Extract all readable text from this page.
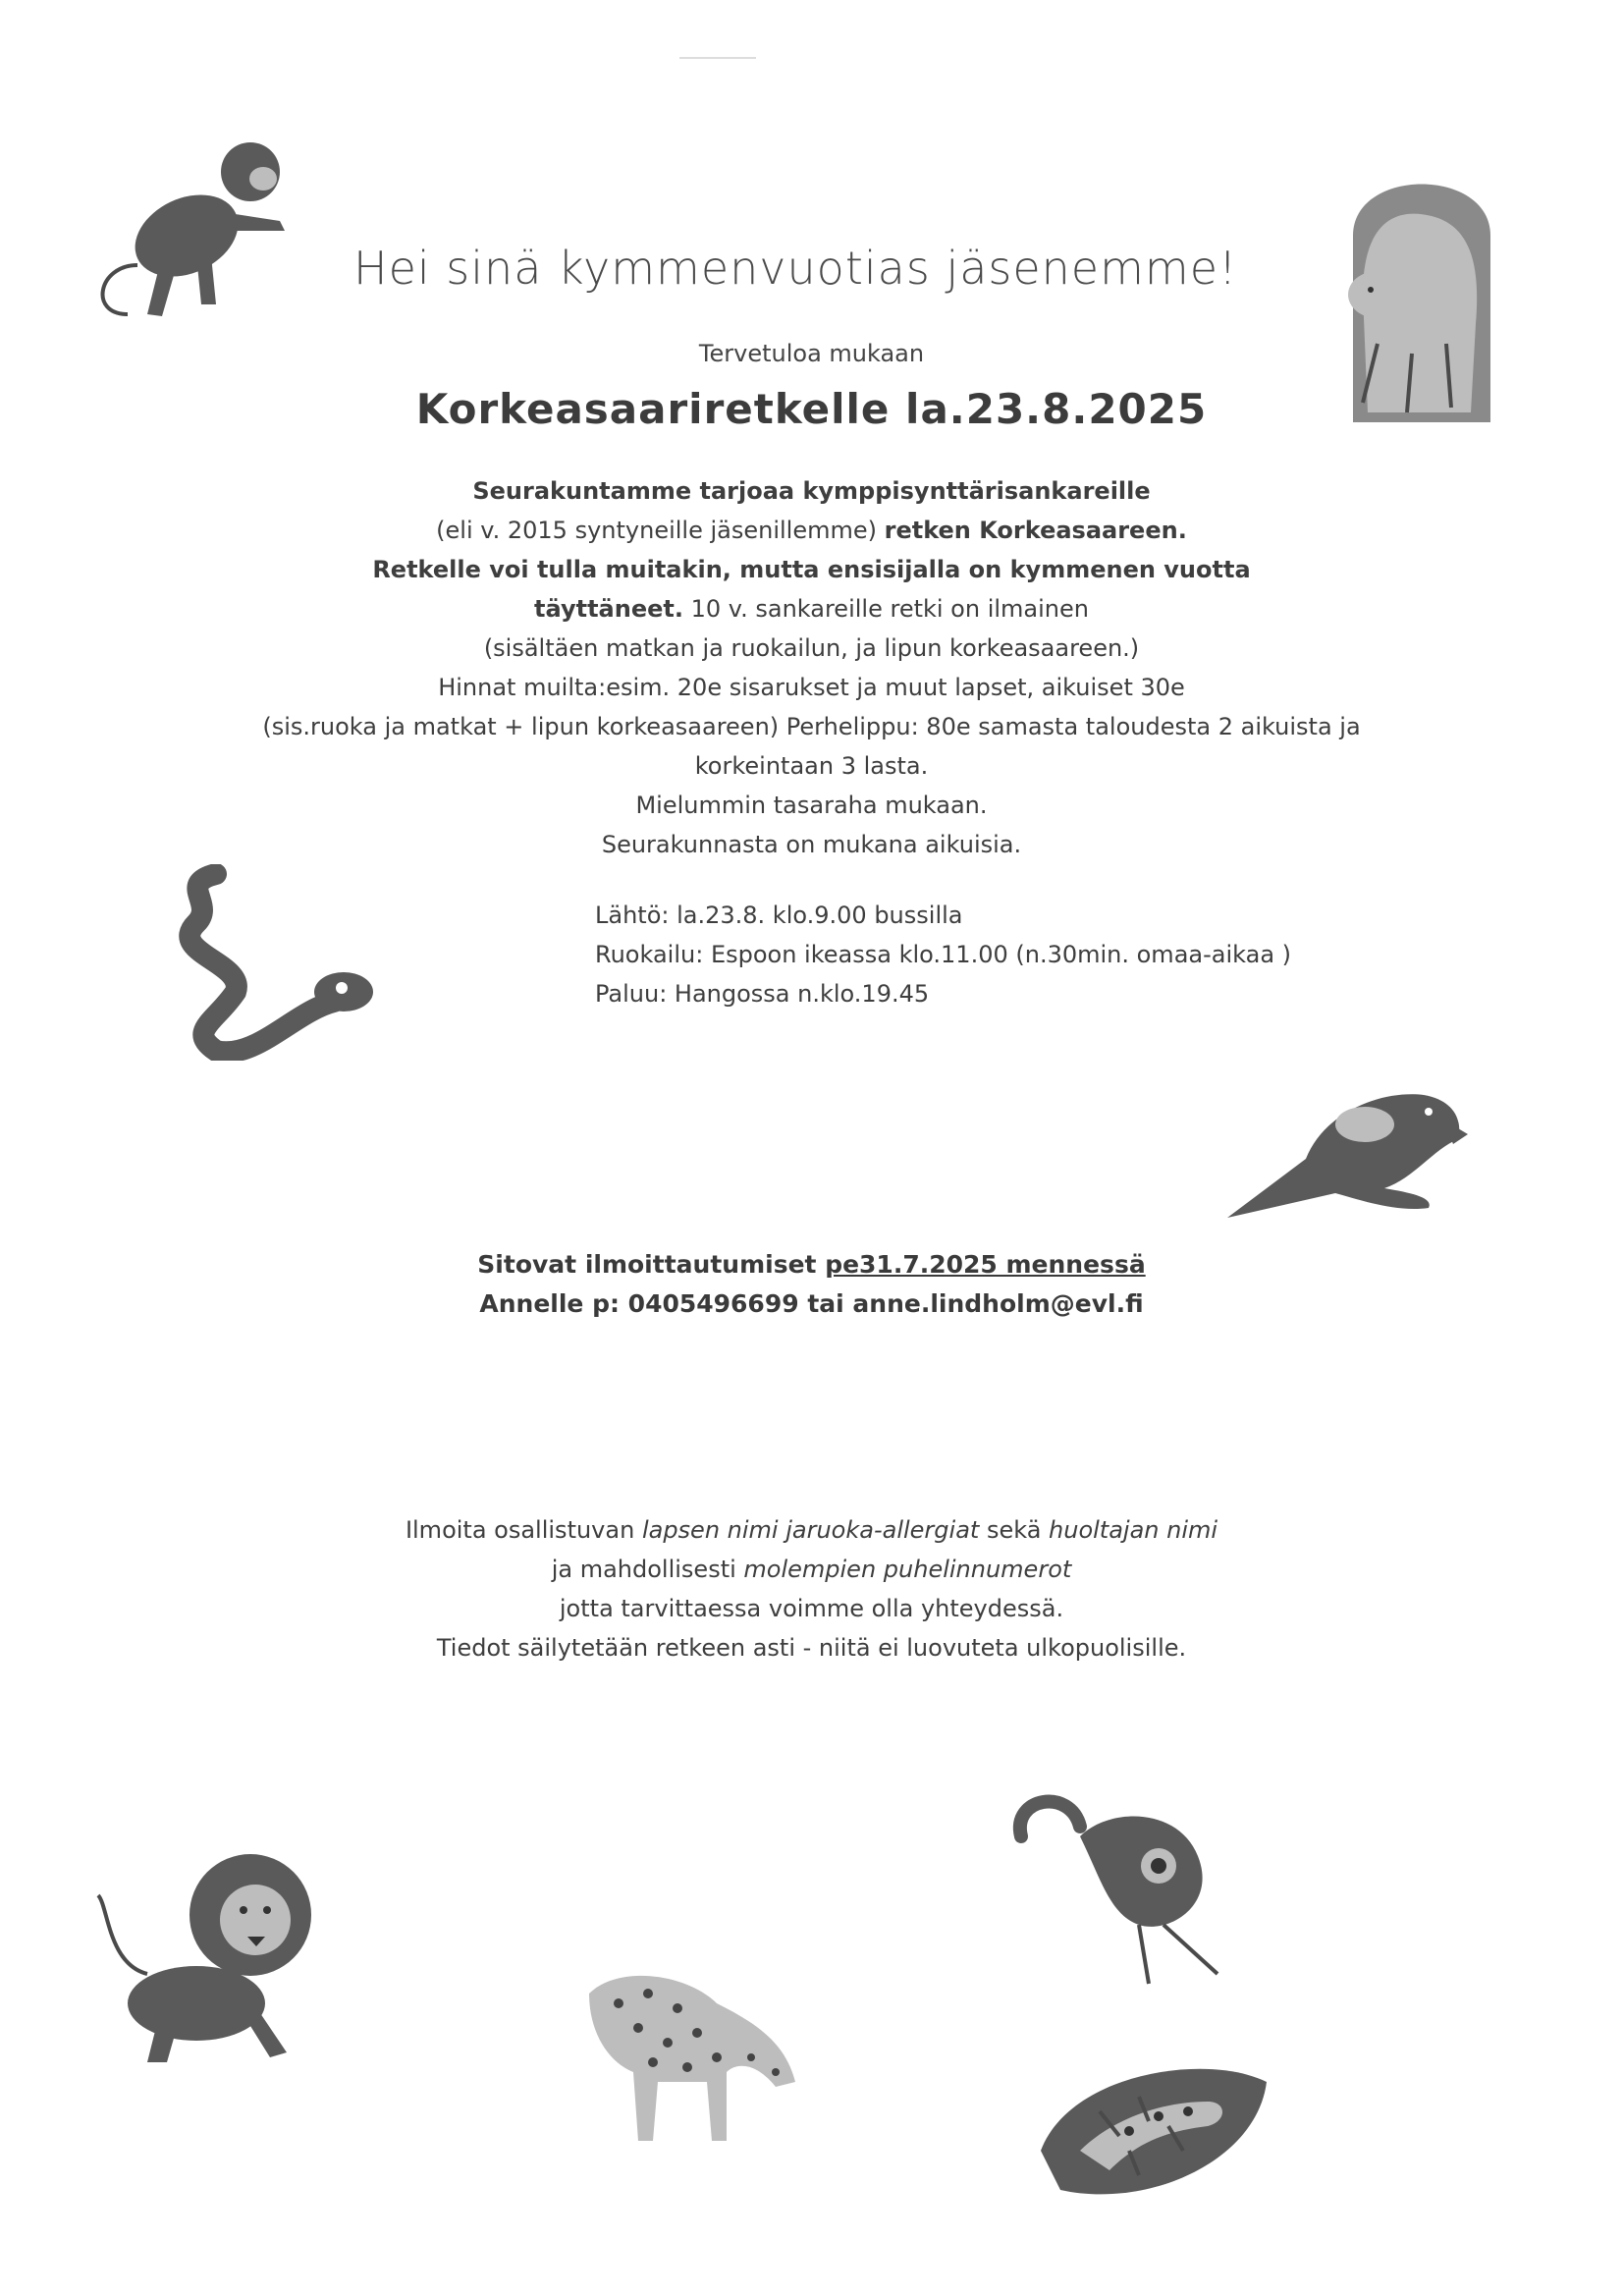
Hei sinä kymmenvuotias jäsenemme!
Tervetuloa mukaan
Korkeasaariretkelle la.23.8.2025
Seurakuntamme tarjoaa kymppisynttärisankareille
(eli v. 2015 syntyneille jäsenillemme) retken Korkeasaareen.
Retkelle voi tulla muitakin, mutta ensisijalla on kymmenen vuotta
täyttäneet. 10 v. sankareille retki on ilmainen
(sisältäen matkan ja ruokailun, ja lipun korkeasaareen.)
Hinnat muilta:esim. 20e sisarukset ja muut lapset, aikuiset 30e
(sis.ruoka ja matkat + lipun korkeasaareen) Perhelippu: 80e samasta taloudesta 2 aikuista ja
korkeintaan 3 lasta.
Mielummin tasaraha mukaan.
Seurakunnasta on mukana aikuisia.
Lähtö: la.23.8. klo.9.00 bussilla
Ruokailu: Espoon ikeassa klo.11.00 (n.30min. omaa-aikaa )
Paluu: Hangossa n.klo.19.45
Sitovat ilmoittautumiset pe31.7.2025 mennessä
Annelle p: 0405496699 tai anne.lindholm@evl.fi
Ilmoita osallistuvan lapsen nimi jaruoka-allergiat sekä huoltajan nimi
ja mahdollisesti molempien puhelinnumerot
jotta tarvittaessa voimme olla yhteydessä.
Tiedot säilytetään retkeen asti - niitä ei luovuteta ulkopuolisille.
